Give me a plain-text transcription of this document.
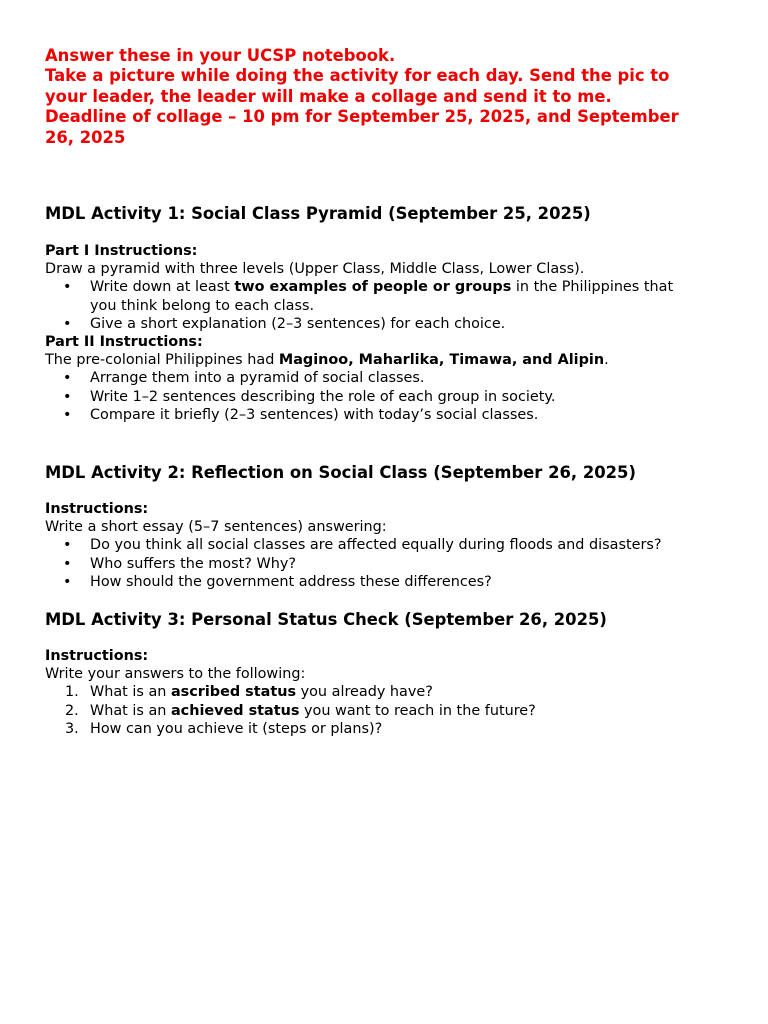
Answer these in your UCSP notebook.
Take a picture while doing the activity for each day. Send the pic to
your leader, the leader will make a collage and send it to me.
Deadline of collage – 10 pm for September 25, 2025, and September
26, 2025
MDL Activity 1: Social Class Pyramid (September 25, 2025)
Part I Instructions:
Draw a pyramid with three levels (Upper Class, Middle Class, Lower Class).
•	Write down at least two examples of people or groups in the Philippines that
you think belong to each class.
•	Give a short explanation (2–3 sentences) for each choice.
Part II Instructions:
The pre-colonial Philippines had Maginoo, Maharlika, Timawa, and Alipin.
•	Arrange them into a pyramid of social classes.
•	Write 1–2 sentences describing the role of each group in society.
•	Compare it briefly (2–3 sentences) with today’s social classes.
MDL Activity 2: Reflection on Social Class (September 26, 2025)
Instructions:
Write a short essay (5–7 sentences) answering:
•	Do you think all social classes are affected equally during floods and disasters?
•	Who suffers the most? Why?
•	How should the government address these differences?
MDL Activity 3: Personal Status Check (September 26, 2025)
Instructions:
Write your answers to the following:
1. What is an ascribed status you already have?
2. What is an achieved status you want to reach in the future?
3. How can you achieve it (steps or plans)?
